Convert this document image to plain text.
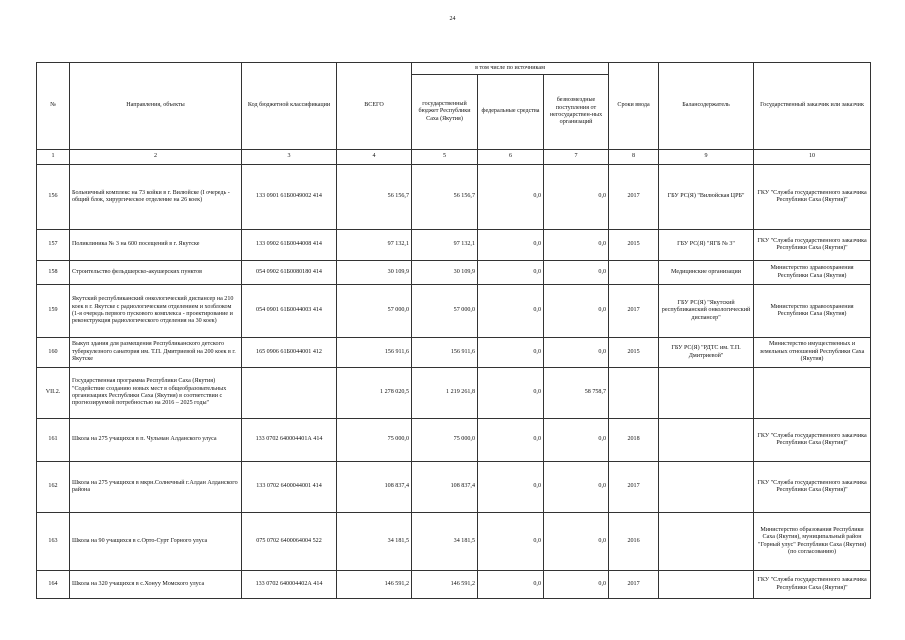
24
№	Направления, объекты	Код бюджетной классификации	ВСЕГО	в том числе по источникам			Сроки ввода	Балансодержатель	Государственный заказчик или заказчик
				государственный бюджет Республики Саха (Якутия)	федеральные средства	безвозмездные поступления от негосударствен-ных организаций			
1	2	3	4	5	6	7	8	9	10
156	Больничный комплекс на 73 койки в г. Вилюйске (I очередь - общий блок, хирургическое отделение на 26 коек)	133 0901 61Б0049002 414	56 156,7	56 156,7	0,0	0,0	2017	ГБУ РС(Я) "Вилюйская ЦРБ"	ГКУ "Служба государственного заказчика Республики Саха (Якутия)"
157	Поликлиника № 3 на 600 посещений в г. Якутске	133 0902 61Б0044008 414	97 132,1	97 132,1	0,0	0,0	2015	ГБУ РС(Я) "ЯГБ № 3"	ГКУ "Служба государственного заказчика Республики Саха (Якутия)"
158	Строительство фельдшерско-акушерских пунктов	054 0902 61Б0080180 414	30 109,9	30 109,9	0,0	0,0		Медицинские организации	Министерство здравоохранения Республики Саха (Якутия)
159	Якутский республиканский онкологический диспансер на 210 коек в г. Якутске с радиологическим отделением и хозблоком (1-я очередь первого пускового комплекса - проектирование и реконструкция радиологического отделения на 30 коек)	054 0901 61Б0044003 414	57 000,0	57 000,0	0,0	0,0	2017	ГБУ РС(Я) "Якутский республиканский онкологический диспансер"	Министерство здравоохранения Республики Саха (Якутия)
160	Выкуп здания для размещения Республиканского детского туберкулезного санатория им. Т.П. Дмитриевой на 200 коек в г. Якутске	165 0906 61Б0044001 412	156 911,6	156 911,6	0,0	0,0	2015	ГБУ РС(Я) "РДТС им. Т.П. Дмитриевой"	Министерство имущественных и земельных отношений Республики Саха (Якутия)
VII.2.	Государственная программа Республики Саха (Якутия) "Содействие созданию новых мест в общеобразовательных организациях Республики Саха (Якутия) в соответствии с прогнозируемой потребностью на 2016 – 2025 годы"		1 278 020,5	1 219 261,8	0,0	58 758,7			
161	Школа на 275 учащихся в п. Чульман Алданского улуса	133 0702 640004401А 414	75 000,0	75 000,0	0,0	0,0	2018		ГКУ "Служба государственного заказчика Республики Саха (Якутия)"
162	Школа на 275 учащихся в мкрн.Солнечный г.Алдан Алданского района	133 0702 6400044001 414	108 837,4	108 837,4	0,0	0,0	2017		ГКУ "Служба государственного заказчика Республики Саха (Якутия)"
163	Школа на 90 учащихся в с.Орто-Сурт Горного улуса	075 0702 6400064004 522	34 181,5	34 181,5	0,0	0,0	2016		Министерство образования Республики Саха (Якутия), муниципальный район "Горный улус" Республики Саха (Якутия) (по согласованию)
164	Школа на 320 учащихся в с.Хонуу Момского улуса	133 0702 640004402А 414	146 591,2	146 591,2	0,0	0,0	2017		ГКУ "Служба государственного заказчика Республики Саха (Якутия)"
